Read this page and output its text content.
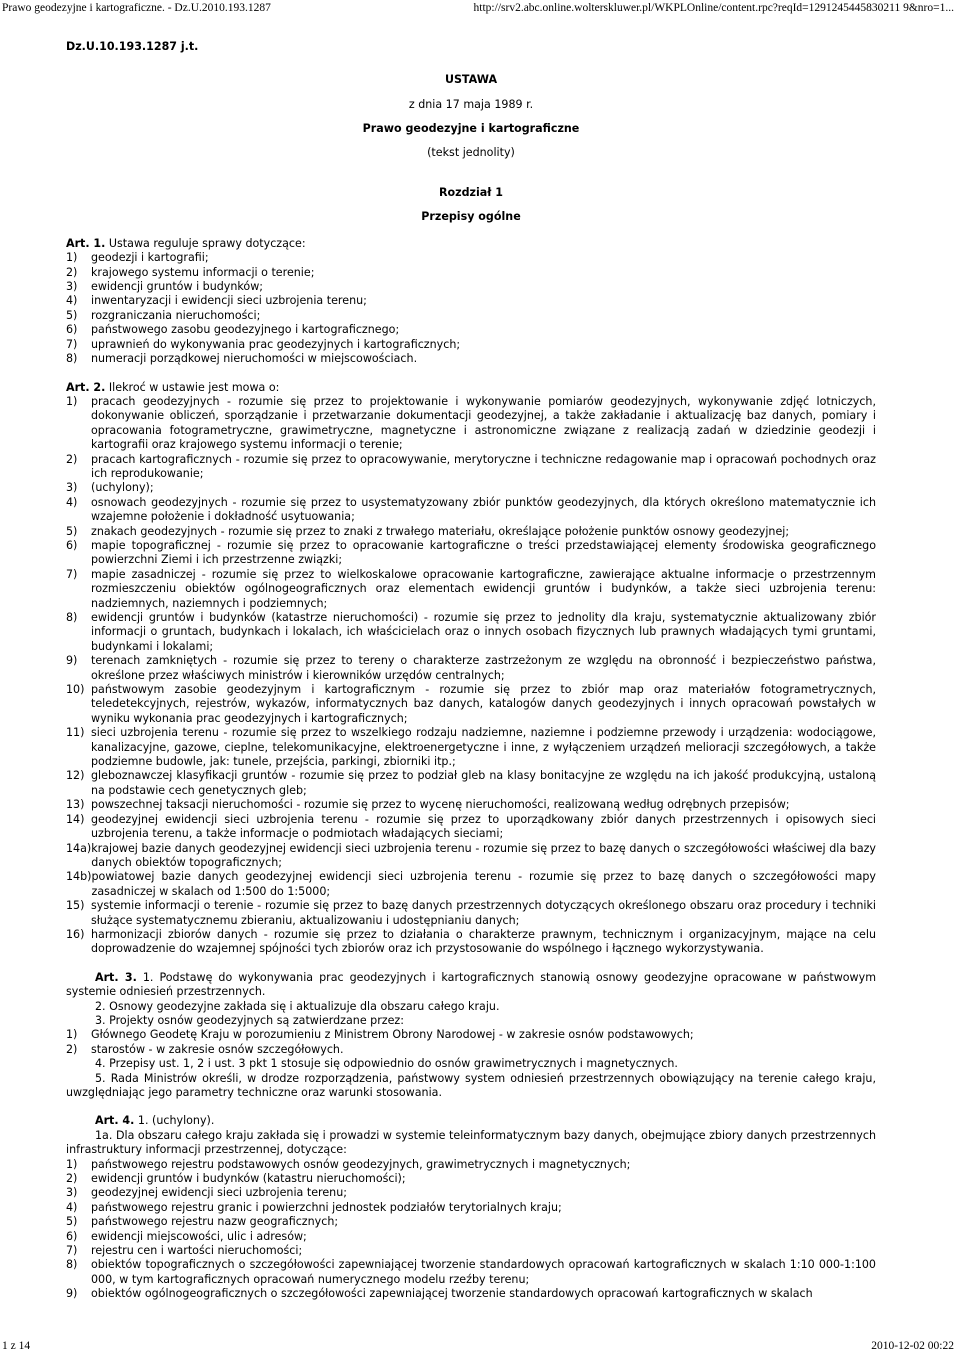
Prawo geodezyjne i kartograficzne. - Dz.U.2010.193.1287	http://srv2.abc.online.wolterskluwer.pl/WKPLOnline/content.rpc?reqId=1291245445830211 9&nro=1...

Dz.U.10.193.1287 j.t.

USTAWA

z dnia 17 maja 1989 r.

Prawo geodezyjne i kartograficzne

(tekst jednolity)

Rozdział 1

Przepisy ogólne

Art. 1. Ustawa reguluje sprawy dotyczące:

1)	geodezji i kartografii;
2)	krajowego systemu informacji o terenie;
3)	ewidencji gruntów i budynków;
4)	inwentaryzacji i ewidencji sieci uzbrojenia terenu;
5)	rozgraniczania nieruchomości;
6)	państwowego zasobu geodezyjnego i kartograficznego;
7)	uprawnień do wykonywania prac geodezyjnych i kartograficznych;
8)	numeracji porządkowej nieruchomości w miejscowościach.

Art. 2. Ilekroć w ustawie jest mowa o:

1)	pracach geodezyjnych - rozumie się przez to projektowanie i wykonywanie pomiarów geodezyjnych, wykonywanie zdjęć lotniczych, dokonywanie obliczeń, sporządzanie i przetwarzanie dokumentacji geodezyjnej, a także zakładanie i aktualizację baz danych, pomiary i opracowania fotogrametryczne, grawimetryczne, magnetyczne i astronomiczne związane z realizacją zadań w dziedzinie geodezji i kartografii oraz krajowego systemu informacji o terenie;
2)	pracach kartograficznych - rozumie się przez to opracowywanie, merytoryczne i techniczne redagowanie map i opracowań pochodnych oraz ich reprodukowanie;
3)	(uchylony);
4)	osnowach geodezyjnych - rozumie się przez to usystematyzowany zbiór punktów geodezyjnych, dla których określono matematycznie ich wzajemne położenie i dokładność usytuowania;
5)	znakach geodezyjnych - rozumie się przez to znaki z trwałego materiału, określające położenie punktów osnowy geodezyjnej;
6)	mapie topograficznej - rozumie się przez to opracowanie kartograficzne o treści przedstawiającej elementy środowiska geograficznego powierzchni Ziemi i ich przestrzenne związki;
7)	mapie zasadniczej - rozumie się przez to wielkoskalowe opracowanie kartograficzne, zawierające aktualne informacje o przestrzennym rozmieszczeniu obiektów ogólnogeograficznych oraz elementach ewidencji gruntów i budynków, a także sieci uzbrojenia terenu: nadziemnych, naziemnych i podziemnych;
8)	ewidencji gruntów i budynków (katastrze nieruchomości) - rozumie się przez to jednolity dla kraju, systematycznie aktualizowany zbiór informacji o gruntach, budynkach i lokalach, ich właścicielach oraz o innych osobach fizycznych lub prawnych władających tymi gruntami, budynkami i lokalami;
9)	terenach zamkniętych - rozumie się przez to tereny o charakterze zastrzeżonym ze względu na obronność i bezpieczeństwo państwa, określone przez właściwych ministrów i kierowników urzędów centralnych;
10) państwowym zasobie geodezyjnym i kartograficznym - rozumie się przez to zbiór map oraz materiałów fotogrametrycznych, teledetekcyjnych, rejestrów, wykazów, informatycznych baz danych, katalogów danych geodezyjnych i innych opracowań powstałych w wyniku wykonania prac geodezyjnych i kartograficznych;
11) sieci uzbrojenia terenu - rozumie się przez to wszelkiego rodzaju nadziemne, naziemne i podziemne przewody i urządzenia: wodociągowe, kanalizacyjne, gazowe, cieplne, telekomunikacyjne, elektroenergetyczne i inne, z wyłączeniem urządzeń melioracji szczegółowych, a także podziemne budowle, jak: tunele, przejścia, parkingi, zbiorniki itp.;
12) gleboznawczej klasyfikacji gruntów - rozumie się przez to podział gleb na klasy bonitacyjne ze względu na ich jakość produkcyjną, ustaloną na podstawie cech genetycznych gleb;
13) powszechnej taksacji nieruchomości - rozumie się przez to wycenę nieruchomości, realizowaną według odrębnych przepisów;
14) geodezyjnej ewidencji sieci uzbrojenia terenu - rozumie się przez to uporządkowany zbiór danych przestrzennych i opisowych sieci uzbrojenia terenu, a także informacje o podmiotach władających sieciami;
14a) krajowej bazie danych geodezyjnej ewidencji sieci uzbrojenia terenu - rozumie się przez to bazę danych o szczegółowości właściwej dla bazy danych obiektów topograficznych;
14b) powiatowej bazie danych geodezyjnej ewidencji sieci uzbrojenia terenu - rozumie się przez to bazę danych o szczegółowości mapy zasadniczej w skalach od 1:500 do 1:5000;
15) systemie informacji o terenie - rozumie się przez to bazę danych przestrzennych dotyczących określonego obszaru oraz procedury i techniki służące systematycznemu zbieraniu, aktualizowaniu i udostępnianiu danych;
16) harmonizacji zbiorów danych - rozumie się przez to działania o charakterze prawnym, technicznym i organizacyjnym, mające na celu doprowadzenie do wzajemnej spójności tych zbiorów oraz ich przystosowanie do wspólnego i łącznego wykorzystywania.

Art. 3. 1. Podstawę do wykonywania prac geodezyjnych i kartograficznych stanowią osnowy geodezyjne opracowane w państwowym systemie odniesień przestrzennych.

2. Osnowy geodezyjne zakłada się i aktualizuje dla obszaru całego kraju.

3. Projekty osnów geodezyjnych są zatwierdzane przez:

1)	Głównego Geodetę Kraju w porozumieniu z Ministrem Obrony Narodowej - w zakresie osnów podstawowych;
2)	starostów - w zakresie osnów szczegółowych.

4. Przepisy ust. 1, 2 i ust. 3 pkt 1 stosuje się odpowiednio do osnów grawimetrycznych i magnetycznych.

5. Rada Ministrów określi, w drodze rozporządzenia, państwowy system odniesień przestrzennych obowiązujący na terenie całego kraju, uwzględniając jego parametry techniczne oraz warunki stosowania.

Art. 4. 1. (uchylony).

1a. Dla obszaru całego kraju zakłada się i prowadzi w systemie teleinformatycznym bazy danych, obejmujące zbiory danych przestrzennych infrastruktury informacji przestrzennej, dotyczące:

1)	państwowego rejestru podstawowych osnów geodezyjnych, grawimetrycznych i magnetycznych;
2)	ewidencji gruntów i budynków (katastru nieruchomości);
3)	geodezyjnej ewidencji sieci uzbrojenia terenu;
4)	państwowego rejestru granic i powierzchni jednostek podziałów terytorialnych kraju;
5)	państwowego rejestru nazw geograficznych;
6)	ewidencji miejscowości, ulic i adresów;
7)	rejestru cen i wartości nieruchomości;
8)	obiektów topograficznych o szczegółowości zapewniającej tworzenie standardowych opracowań kartograficznych w skalach 1:10 000-1:100 000, w tym kartograficznych opracowań numerycznego modelu rzeźby terenu;
9)	obiektów ogólnogeograficznych o szczegółowości zapewniającej tworzenie standardowych opracowań kartograficznych w skalach
1 z 14	2010-12-02 00:22
